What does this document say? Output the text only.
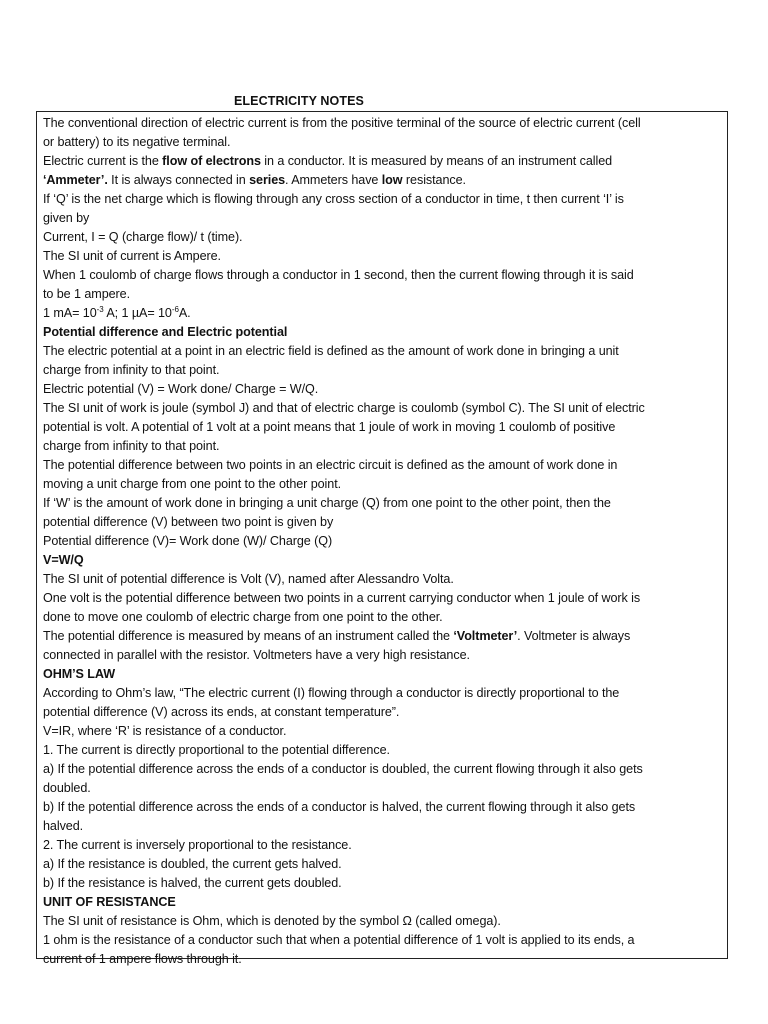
ELECTRICITY NOTES
The conventional direction of electric current is from the positive terminal of the source of electric current (cell
or battery) to its negative terminal.
Electric current is the flow of electrons in a conductor. It is measured by means of an instrument called
‘Ammeter’. It is always connected in series. Ammeters have low resistance.
If ‘Q’ is the net charge which is flowing through any cross section of a conductor in time, t then current ‘I’ is
given by
Current, I = Q (charge flow)/ t (time).
The SI unit of current is Ampere.
When 1 coulomb of charge flows through a conductor in 1 second, then the current flowing through it is said
to be 1 ampere.
1 $mA= 10^{-3}$ A; 1 $\mu A= 10^{-6}A$.
Potential difference and Electric potential
The electric potential at a point in an electric field is defined as the amount of work done in bringing a unit
charge from infinity to that point.
Electric potential (V) = Work done/ Charge = W/Q.
The SI unit of work is joule (symbol J) and that of electric charge is coulomb (symbol C). The SI unit of electric
potential is volt. A potential of 1 volt at a point means that 1 joule of work in moving 1 coulomb of positive
charge from infinity to that point.
The potential difference between two points in an electric circuit is defined as the amount of work done in
moving a unit charge from one point to the other point.
If ‘W’ is the amount of work done in bringing a unit charge (Q) from one point to the other point, then the
potential difference (V) between two point is given by
Potential difference (V)= Work done (W)/ Charge (Q)
V=W/Q
The SI unit of potential difference is Volt (V), named after Alessandro Volta.
One volt is the potential difference between two points in a current carrying conductor when 1 joule of work is
done to move one coulomb of electric charge from one point to the other.
The potential difference is measured by means of an instrument called the ‘Voltmeter’. Voltmeter is always
connected in parallel with the resistor. Voltmeters have a very high resistance.
OHM’S LAW
According to Ohm’s law, “The electric current (I) flowing through a conductor is directly proportional to the
potential difference (V) across its ends, at constant temperature”.
V=IR, where ‘R’ is resistance of a conductor.
1. The current is directly proportional to the potential difference.
a) If the potential difference across the ends of a conductor is doubled, the current flowing through it also gets
doubled.
b) If the potential difference across the ends of a conductor is halved, the current flowing through it also gets
halved.
2. The current is inversely proportional to the resistance.
a) If the resistance is doubled, the current gets halved.
b) If the resistance is halved, the current gets doubled.
UNIT OF RESISTANCE
The SI unit of resistance is Ohm, which is denoted by the symbol Ω (called omega).
1 ohm is the resistance of a conductor such that when a potential difference of 1 volt is applied to its ends, a
current of 1 ampere flows through it.
